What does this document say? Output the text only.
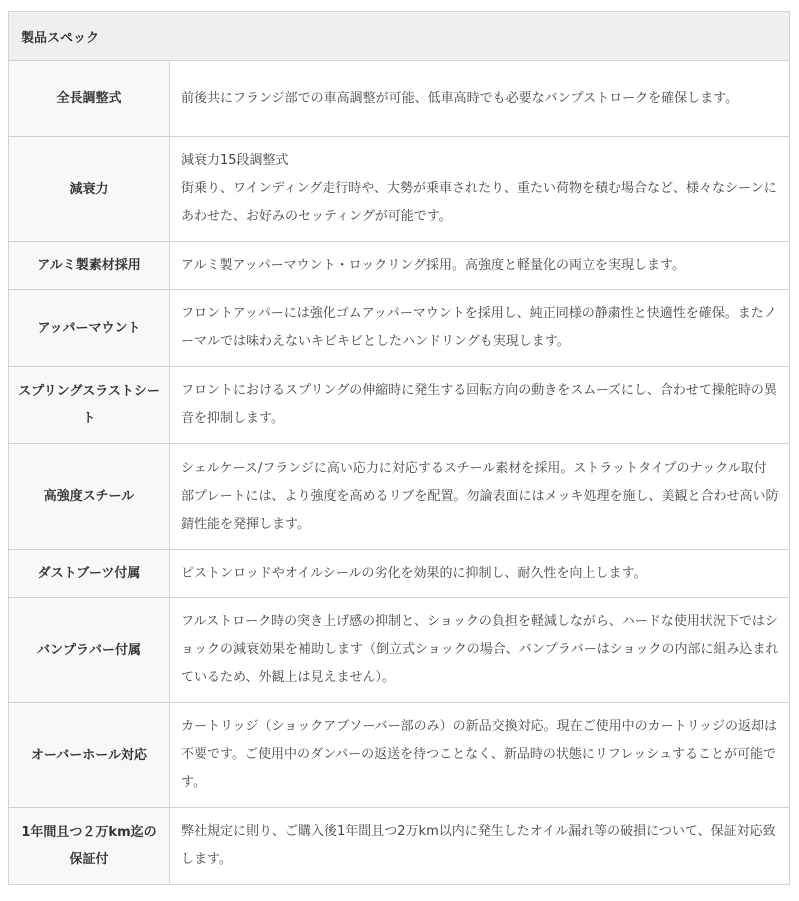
製品スペック	
全長調整式	前後共にフランジ部での車高調整が可能、低車高時でも必要なバンプストロークを確保します。
減衰力	減衰力15段調整式
街乗り、ワインディング走行時や、大勢が乗車されたり、重たい荷物を積む場合など、様々なシーンにあわせた、お好みのセッティングが可能です。
アルミ製素材採用	アルミ製アッパーマウント・ロックリング採用。高強度と軽量化の両立を実現します。
アッパーマウント	フロントアッパーには強化ゴムアッパーマウントを採用し、純正同様の静粛性と快適性を確保。またノーマルでは味わえないキビキビとしたハンドリングも実現します。
スプリングスラストシート	フロントにおけるスプリングの伸縮時に発生する回転方向の動きをスムーズにし、合わせて操舵時の異音を抑制します。
高強度スチール	シェルケース/フランジに高い応力に対応するスチール素材を採用。ストラットタイプのナックル取付部プレートには、より強度を高めるリブを配置。勿論表面にはメッキ処理を施し、美観と合わせ高い防錆性能を発揮します。
ダストブーツ付属	ピストンロッドやオイルシールの劣化を効果的に抑制し、耐久性を向上します。
バンプラバー付属	フルストローク時の突き上げ感の抑制と、ショックの負担を軽減しながら、ハードな使用状況下ではショックの減衰効果を補助します（倒立式ショックの場合、バンプラバーはショックの内部に組み込まれているため、外観上は見えません）。
オーバーホール対応	カートリッジ（ショックアブソーバー部のみ）の新品交換対応。現在ご使用中のカートリッジの返却は不要です。ご使用中のダンパーの返送を待つことなく、新品時の状態にリフレッシュすることが可能です。
1年間且つ２万km迄の保証付	弊社規定に則り、ご購入後1年間且つ2万km以内に発生したオイル漏れ等の破損について、保証対応致します。
